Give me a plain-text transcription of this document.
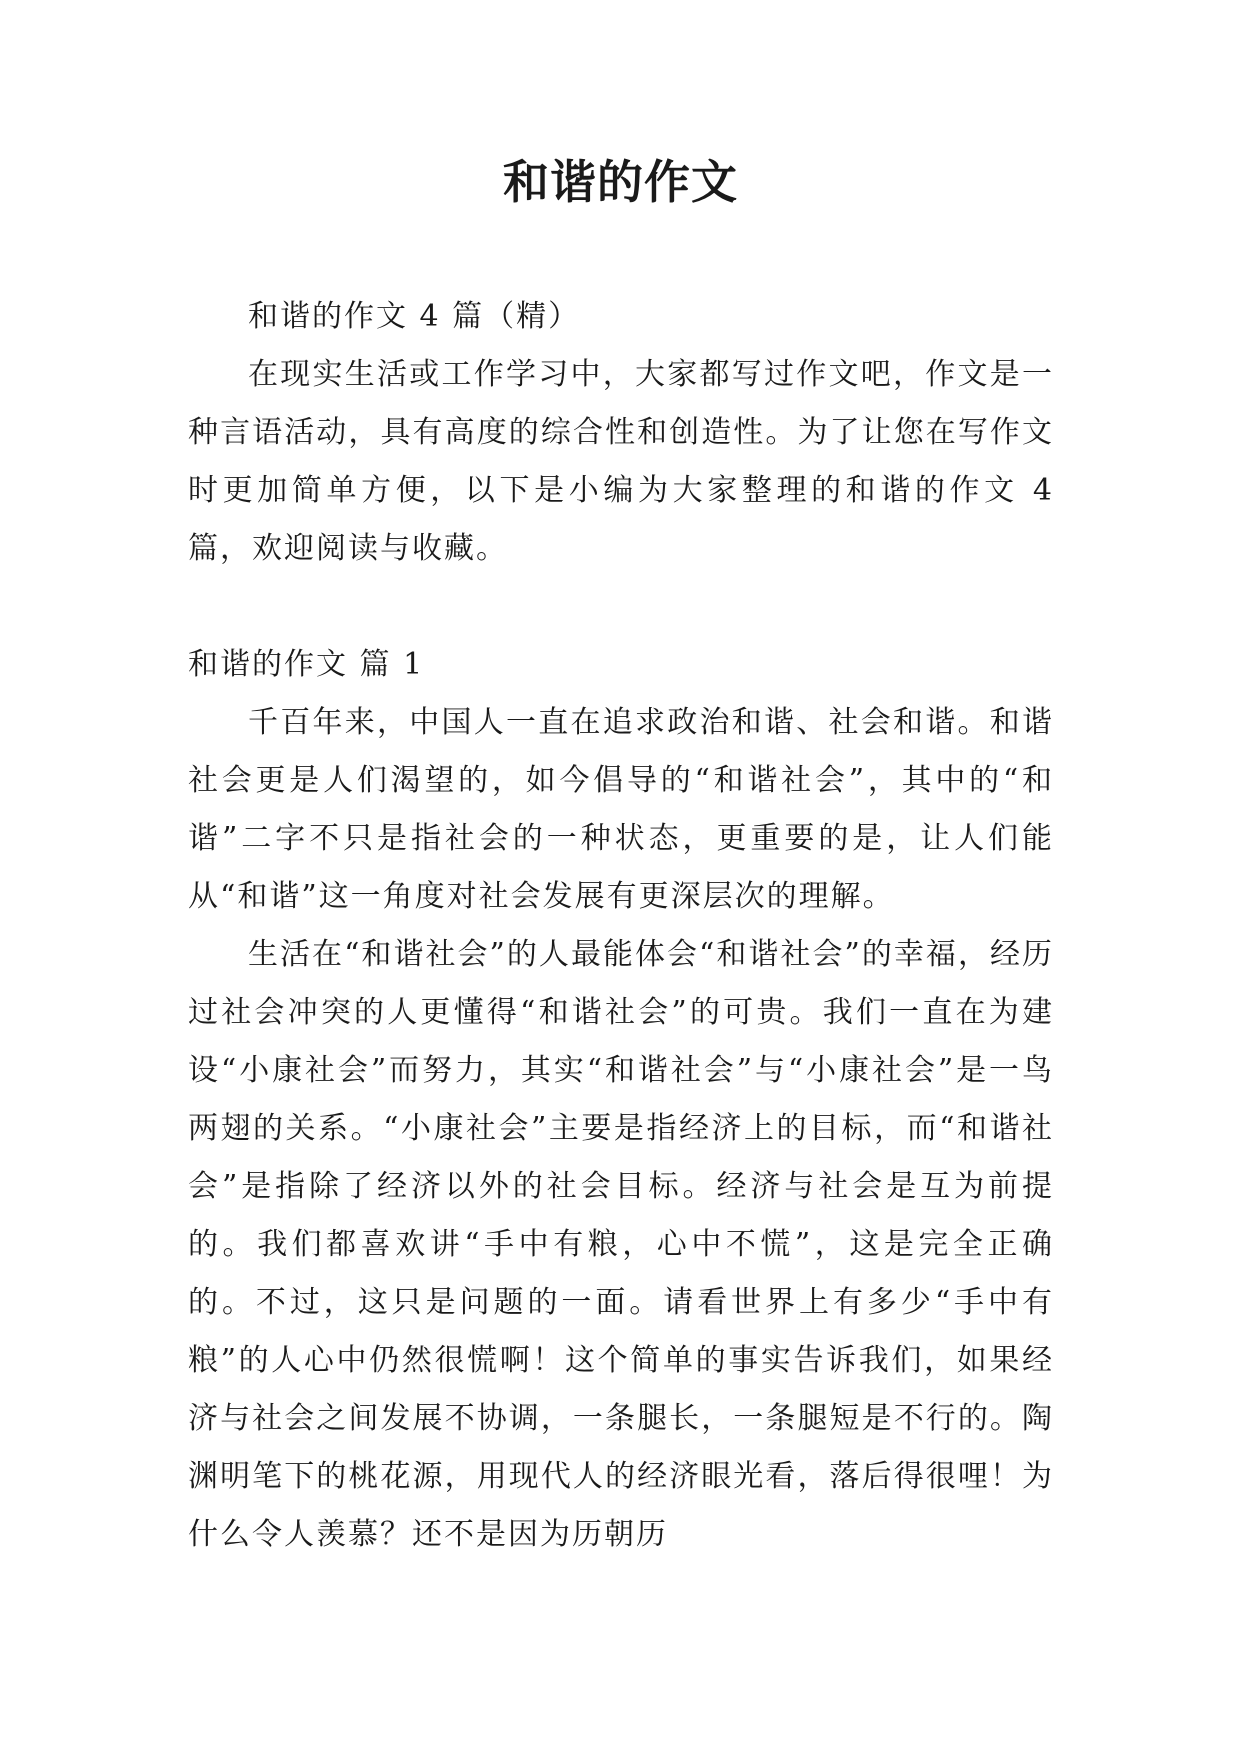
和谐的作文

和谐的作文 4 篇（精）

在现实生活或工作学习中，大家都写过作文吧，作文是一种言语活动，具有高度的综合性和创造性。为了让您在写作文时更加简单方便，以下是小编为大家整理的和谐的作文 4 篇，欢迎阅读与收藏。

和谐的作文 篇 1

千百年来，中国人一直在追求政治和谐、社会和谐。和谐社会更是人们渴望的，如今倡导的“和谐社会”，其中的“和谐”二字不只是指社会的一种状态，更重要的是，让人们能从“和谐”这一角度对社会发展有更深层次的理解。

生活在“和谐社会”的人最能体会“和谐社会”的幸福，经历过社会冲突的人更懂得“和谐社会”的可贵。我们一直在为建设“小康社会”而努力，其实“和谐社会”与“小康社会”是一鸟两翅的关系。“小康社会”主要是指经济上的目标，而“和谐社会”是指除了经济以外的社会目标。经济与社会是互为前提的。我们都喜欢讲“手中有粮，心中不慌”，这是完全正确的。不过，这只是问题的一面。请看世界上有多少“手中有粮”的人心中仍然很慌啊！这个简单的事实告诉我们，如果经济与社会之间发展不协调，一条腿长，一条腿短是不行的。陶渊明笔下的桃花源，用现代人的经济眼光看，落后得很哩！为什么令人羡慕？还不是因为历朝历
